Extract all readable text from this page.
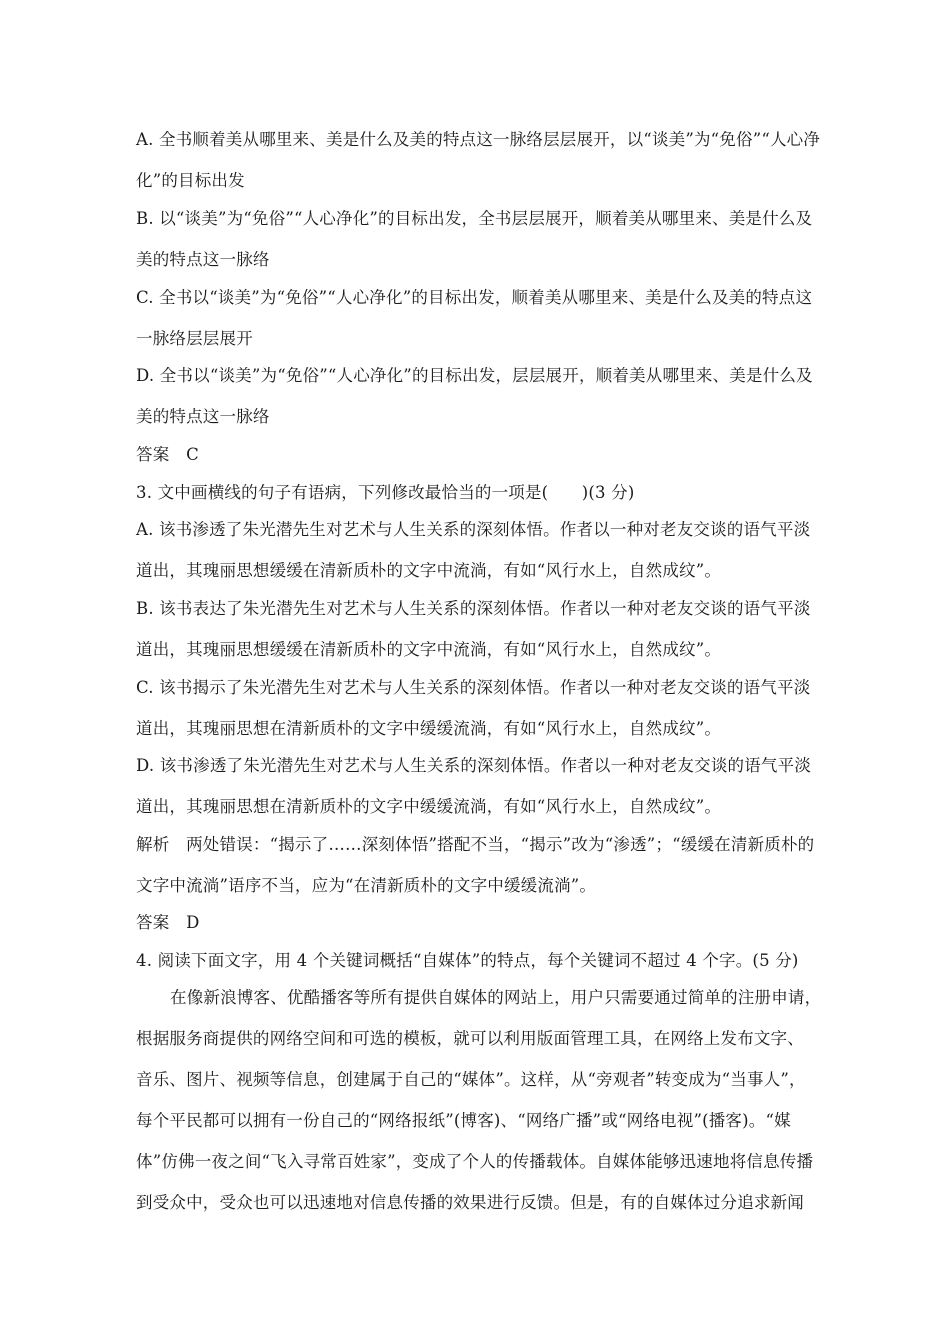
A. 全书顺着美从哪里来、美是什么及美的特点这一脉络层层展开，以“谈美”为“免俗”“人心净
化”的目标出发
B. 以“谈美”为“免俗”“人心净化”的目标出发，全书层层展开，顺着美从哪里来、美是什么及
美的特点这一脉络
C. 全书以“谈美”为“免俗”“人心净化”的目标出发，顺着美从哪里来、美是什么及美的特点这
一脉络层层展开
D. 全书以“谈美”为“免俗”“人心净化”的目标出发，层层展开，顺着美从哪里来、美是什么及
美的特点这一脉络
答案　C
3. 文中画横线的句子有语病，下列修改最恰当的一项是(　　)(3 分)
A. 该书渗透了朱光潜先生对艺术与人生关系的深刻体悟。作者以一种对老友交谈的语气平淡
道出，其瑰丽思想缓缓在清新质朴的文字中流淌，有如“风行水上，自然成纹”。
B. 该书表达了朱光潜先生对艺术与人生关系的深刻体悟。作者以一种对老友交谈的语气平淡
道出，其瑰丽思想缓缓在清新质朴的文字中流淌，有如“风行水上，自然成纹”。
C. 该书揭示了朱光潜先生对艺术与人生关系的深刻体悟。作者以一种对老友交谈的语气平淡
道出，其瑰丽思想在清新质朴的文字中缓缓流淌，有如“风行水上，自然成纹”。
D. 该书渗透了朱光潜先生对艺术与人生关系的深刻体悟。作者以一种对老友交谈的语气平淡
道出，其瑰丽思想在清新质朴的文字中缓缓流淌，有如“风行水上，自然成纹”。
解析　两处错误：“揭示了……深刻体悟”搭配不当，“揭示”改为“渗透”；“缓缓在清新质朴的
文字中流淌”语序不当，应为“在清新质朴的文字中缓缓流淌”。
答案　D
4. 阅读下面文字，用 4 个关键词概括“自媒体”的特点，每个关键词不超过 4 个字。(5 分)
在像新浪博客、优酷播客等所有提供自媒体的网站上，用户只需要通过简单的注册申请，
根据服务商提供的网络空间和可选的模板，就可以利用版面管理工具，在网络上发布文字、
音乐、图片、视频等信息，创建属于自己的“媒体”。这样，从“旁观者”转变成为“当事人”，
每个平民都可以拥有一份自己的“网络报纸”(博客)、“网络广播”或“网络电视”(播客)。“媒
体”仿佛一夜之间“飞入寻常百姓家”，变成了个人的传播载体。自媒体能够迅速地将信息传播
到受众中，受众也可以迅速地对信息传播的效果进行反馈。但是，有的自媒体过分追求新闻
